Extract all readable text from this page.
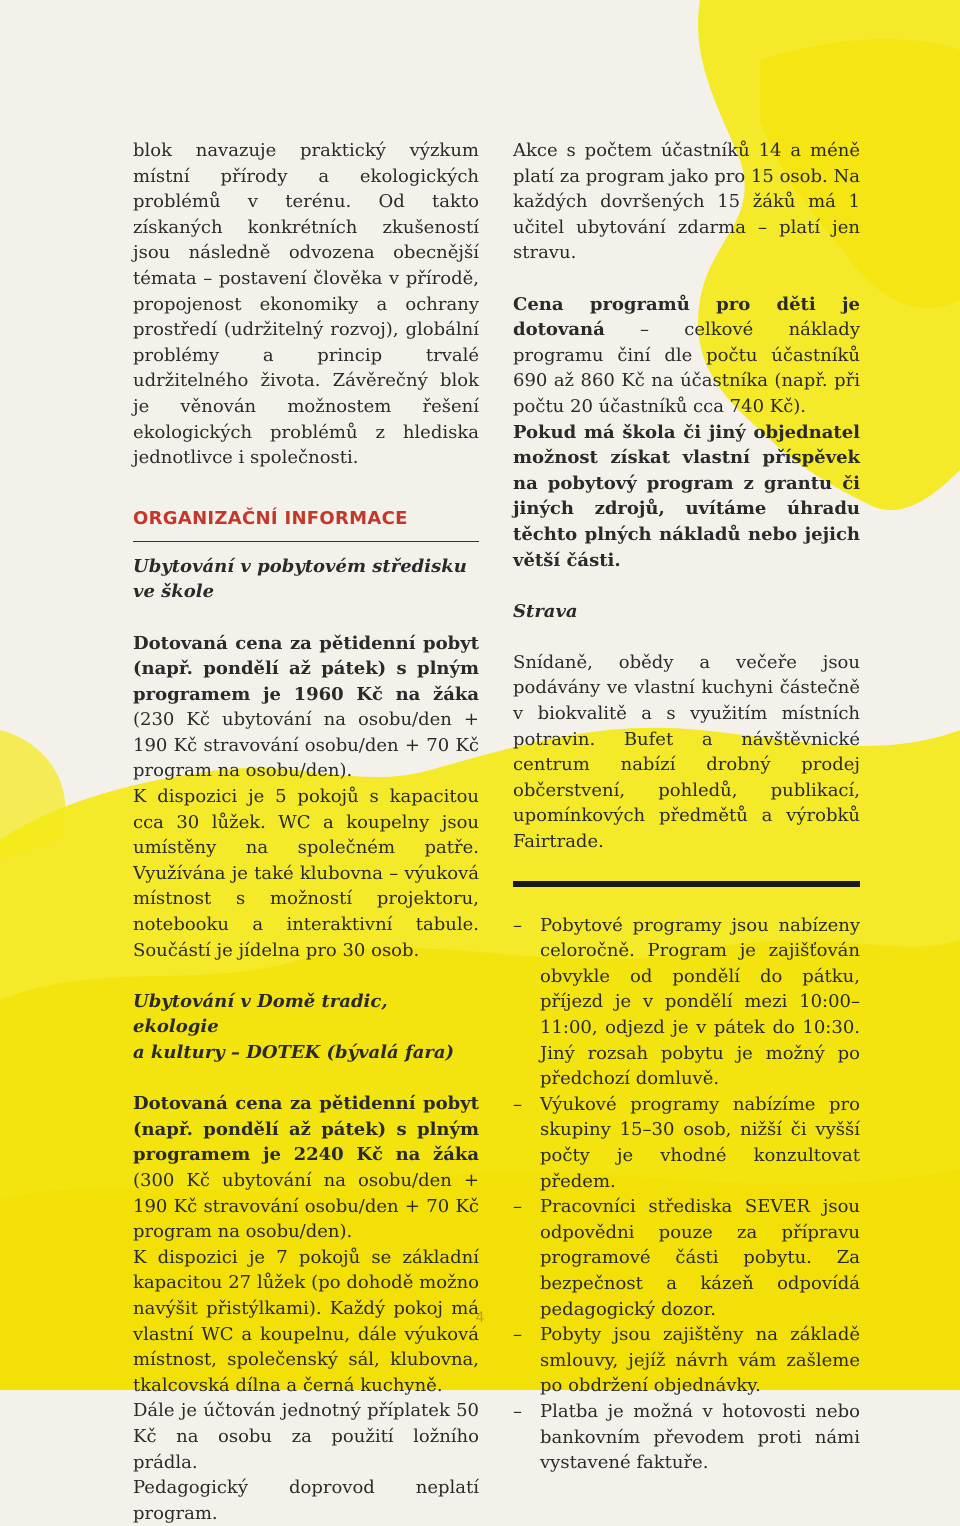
blok navazuje praktický výzkum místní přírody a ekologických problémů v terénu. Od takto získaných konkrétních zkušeností jsou následně odvozena obecnější témata – postavení člověka v přírodě, propojenost ekonomiky a ochrany prostředí (udržitelný rozvoj), globální problémy a princip trvalé udržitelného života. Závěrečný blok je věnován možnostem řešení ekologických problémů z hlediska jednotlivce i společnosti.

ORGANIZAČNÍ INFORMACE

Ubytování v pobytovém středisku ve škole

Dotovaná cena za pětidenní pobyt (např. pondělí až pátek) s plným programem je 1960 Kč na žáka (230 Kč ubytování na osobu/den + 190 Kč stravování osobu/den + 70 Kč program na osobu/den).

K dispozici je 5 pokojů s kapacitou cca 30 lůžek. WC a koupelny jsou umístěny na společném patře. Využívána je také klubovna – výuková místnost s možností projektoru, notebooku a interaktivní tabule. Součástí je jídelna pro 30 osob.

Ubytování v Domě tradic, ekologie
a kultury – DOTEK (bývalá fara)

Dotovaná cena za pětidenní pobyt (např. pondělí až pátek) s plným programem je 2240 Kč na žáka (300 Kč ubytování na osobu/den + 190 Kč stravování osobu/den + 70 Kč program na osobu/den).

K dispozici je 7 pokojů se základní kapacitou 27 lůžek (po dohodě možno navýšit přistýlkami). Každý pokoj má vlastní WC a koupelnu, dále výuková místnost, společenský sál, klubovna, tkalcovská dílna a černá kuchyně.

Dále je účtován jednotný příplatek 50 Kč na osobu za použití ložního prádla.

Pedagogický doprovod neplatí program.

Akce s počtem účastníků 14 a méně platí za program jako pro 15 osob. Na každých dovršených 15 žáků má 1 učitel ubytování zdarma – platí jen stravu.

Cena programů pro děti je dotovaná – celkové náklady programu činí dle počtu účastníků 690 až 860 Kč na účastníka (např. při počtu 20 účastníků cca 740 Kč).

Pokud má škola či jiný objednatel možnost získat vlastní příspěvek na pobytový program z grantu či jiných zdrojů, uvítáme úhradu těchto plných nákladů nebo jejich větší části.

Strava

Snídaně, obědy a večeře jsou podávány ve vlastní kuchyni částečně v biokvalitě a s využitím místních potravin. Bufet a návštěvnické centrum nabízí drobný prodej občerstvení, pohledů, publikací, upomínkových předmětů a výrobků Fairtrade.

– Pobytové programy jsou nabízeny celoročně. Program je zajišťován obvykle od pondělí do pátku, příjezd je v pondělí mezi 10:00–11:00, odjezd je v pátek do 10:30. Jiný rozsah pobytu je možný po předchozí domluvě.
– Výukové programy nabízíme pro skupiny 15–30 osob, nižší či vyšší počty je vhodné konzultovat předem.
– Pracovníci střediska SEVER jsou odpovědni pouze za přípravu programové části pobytu. Za bezpečnost a kázeň odpovídá pedagogický dozor.
– Pobyty jsou zajištěny na základě smlouvy, jejíž návrh vám zašleme po obdržení objednávky.
– Platba je možná v hotovosti nebo bankovním převodem proti námi vystavené faktuře.
4
